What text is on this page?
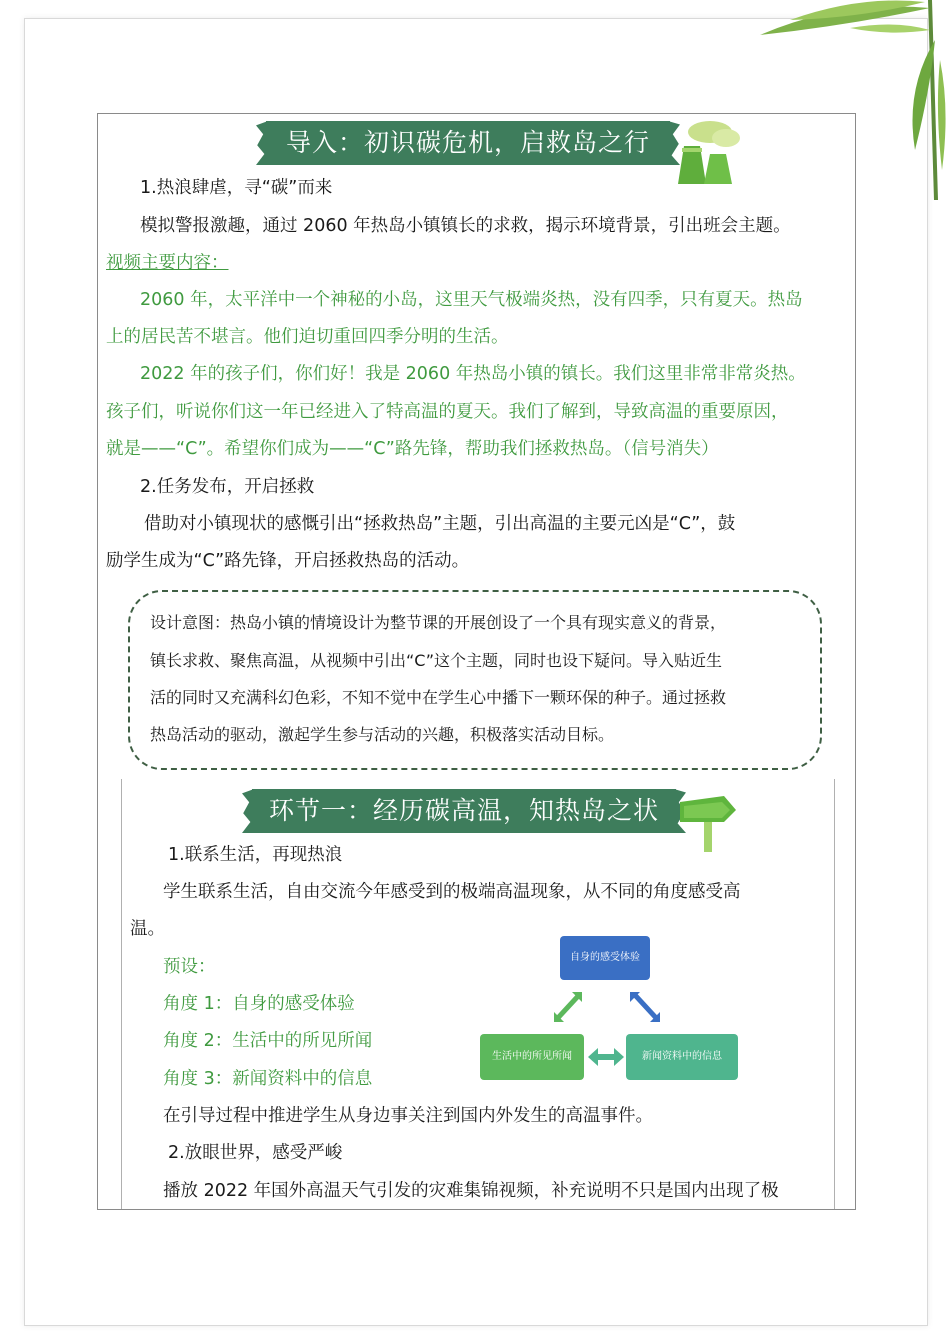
导入：初识碳危机，启救岛之行
1.热浪肆虐，寻“碳”而来
模拟警报激趣，通过 2060 年热岛小镇镇长的求救，揭示环境背景，引出班会主题。
视频主要内容：
2060 年，太平洋中一个神秘的小岛，这里天气极端炎热，没有四季，只有夏天。热岛
上的居民苦不堪言。他们迫切重回四季分明的生活。
2022 年的孩子们，你们好！我是 2060 年热岛小镇的镇长。我们这里非常非常炎热。
孩子们，听说你们这一年已经进入了特高温的夏天。我们了解到，导致高温的重要原因，
就是——“C”。希望你们成为——“C”路先锋，帮助我们拯救热岛。（信号消失）
2.任务发布，开启拯救
借助对小镇现状的感慨引出“拯救热岛”主题，引出高温的主要元凶是“C”，鼓
励学生成为“C”路先锋，开启拯救热岛的活动。
设计意图：热岛小镇的情境设计为整节课的开展创设了一个具有现实意义的背景，
镇长求救、聚焦高温，从视频中引出“C”这个主题，同时也设下疑问。导入贴近生
活的同时又充满科幻色彩，不知不觉中在学生心中播下一颗环保的种子。通过拯救
热岛活动的驱动，激起学生参与活动的兴趣，积极落实活动目标。
环节一：经历碳高温，知热岛之状
1.联系生活，再现热浪
学生联系生活，自由交流今年感受到的极端高温现象，从不同的角度感受高
温。
预设：
角度 1：自身的感受体验
角度 2：生活中的所见所闻
角度 3：新闻资料中的信息
在引导过程中推进学生从身边事关注到国内外发生的高温事件。
2.放眼世界，感受严峻
播放 2022 年国外高温天气引发的灾难集锦视频，补充说明不只是国内出现了极
自身的感受体验
生活中的所见所闻	新闻资料中的信息
